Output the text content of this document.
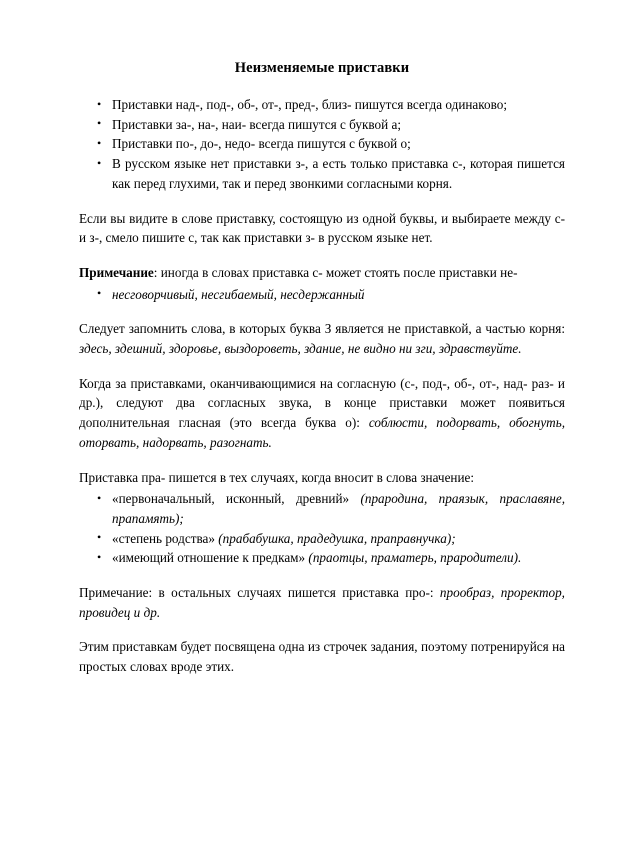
Неизменяемые приставки
• Приставки над-, под-, об-, от-, пред-, близ- пишутся всегда одинаково;
• Приставки за-, на-, наи- всегда пишутся с буквой а;
• Приставки по-, до-, недо- всегда пишутся с буквой о;
• В русском языке нет приставки з-, а есть только приставка с-, которая пишется как перед глухими, так и перед звонкими согласными корня.

Если вы видите в слове приставку, состоящую из одной буквы, и выбираете между с- и з-, смело пишите с, так как приставки з- в русском языке нет.

Примечание: иногда в словах приставка с- может стоять после приставки не-

• несговорчивый, несгибаемый, несдержанный

Следует запомнить слова, в которых буква З является не приставкой, а частью корня: здесь, здешний, здоровье, выздороветь, здание, не видно ни зги, здравствуйте.

Когда за приставками, оканчивающимися на согласную (с-, под-, об-, от-, над- раз- и др.), следуют два согласных звука, в конце приставки может появиться дополнительная гласная (это всегда буква о): соблюсти, подорвать, обогнуть, оторвать, надорвать, разогнать.

Приставка пра- пишется в тех случаях, когда вносит в слова значение:

• «первоначальный, исконный, древний» (прародина, праязык, праславяне, прапамять);
• «степень родства» (прабабушка, прадедушка, праправнучка);
• «имеющий отношение к предкам» (праотцы, праматерь, прародители).

Примечание: в остальных случаях пишется приставка про-: прообраз, проректор, провидец и др.

Этим приставкам будет посвящена одна из строчек задания, поэтому потренируйся на простых словах вроде этих.
